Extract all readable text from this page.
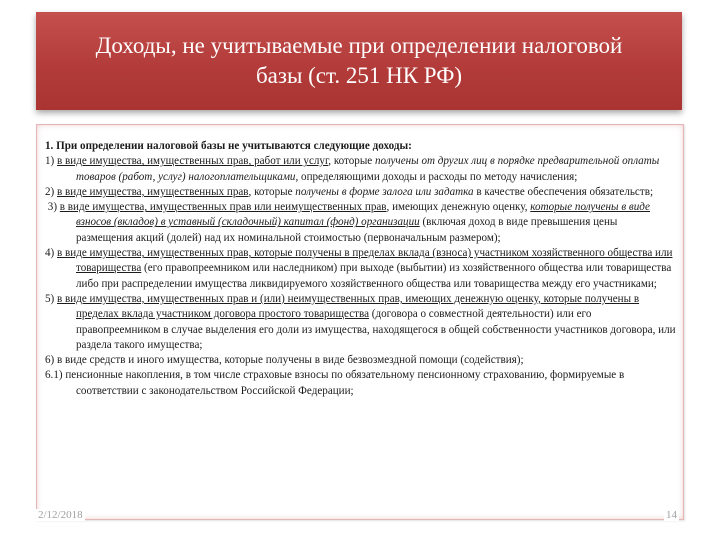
Доходы, не учитываемые при определении налоговой
базы (ст. 251 НК РФ)

1. При определении налоговой базы не учитываются следующие доходы:

1) в виде имущества, имущественных прав, работ или услуг, которые получены от других лиц в порядке предварительной оплаты товаров (работ, услуг) налогоплательщиками, определяющими доходы и расходы по методу начисления;

2) в виде имущества, имущественных прав, которые получены в форме залога или задатка в качестве обеспечения обязательств;

3) в виде имущества, имущественных прав или неимущественных прав, имеющих денежную оценку, которые получены в виде взносов (вкладов) в уставный (складочный) капитал (фонд) организации (включая доход в виде превышения цены размещения акций (долей) над их номинальной стоимостью (первоначальным размером);

4) в виде имущества, имущественных прав, которые получены в пределах вклада (взноса) участником хозяйственного общества или товарищества (его правопреемником или наследником) при выходе (выбытии) из хозяйственного общества или товарищества либо при распределении имущества ликвидируемого хозяйственного общества или товарищества между его участниками;

5) в виде имущества, имущественных прав и (или) неимущественных прав, имеющих денежную оценку, которые получены в пределах вклада участником договора простого товарищества (договора о совместной деятельности) или его правопреемником в случае выделения его доли из имущества, находящегося в общей собственности участников договора, или раздела такого имущества;

6) в виде средств и иного имущества, которые получены в виде безвозмездной помощи (содействия);

6.1) пенсионные накопления, в том числе страховые взносы по обязательному пенсионному страхованию, формируемые в соответствии с законодательством Российской Федерации;

2/12/2018	14
